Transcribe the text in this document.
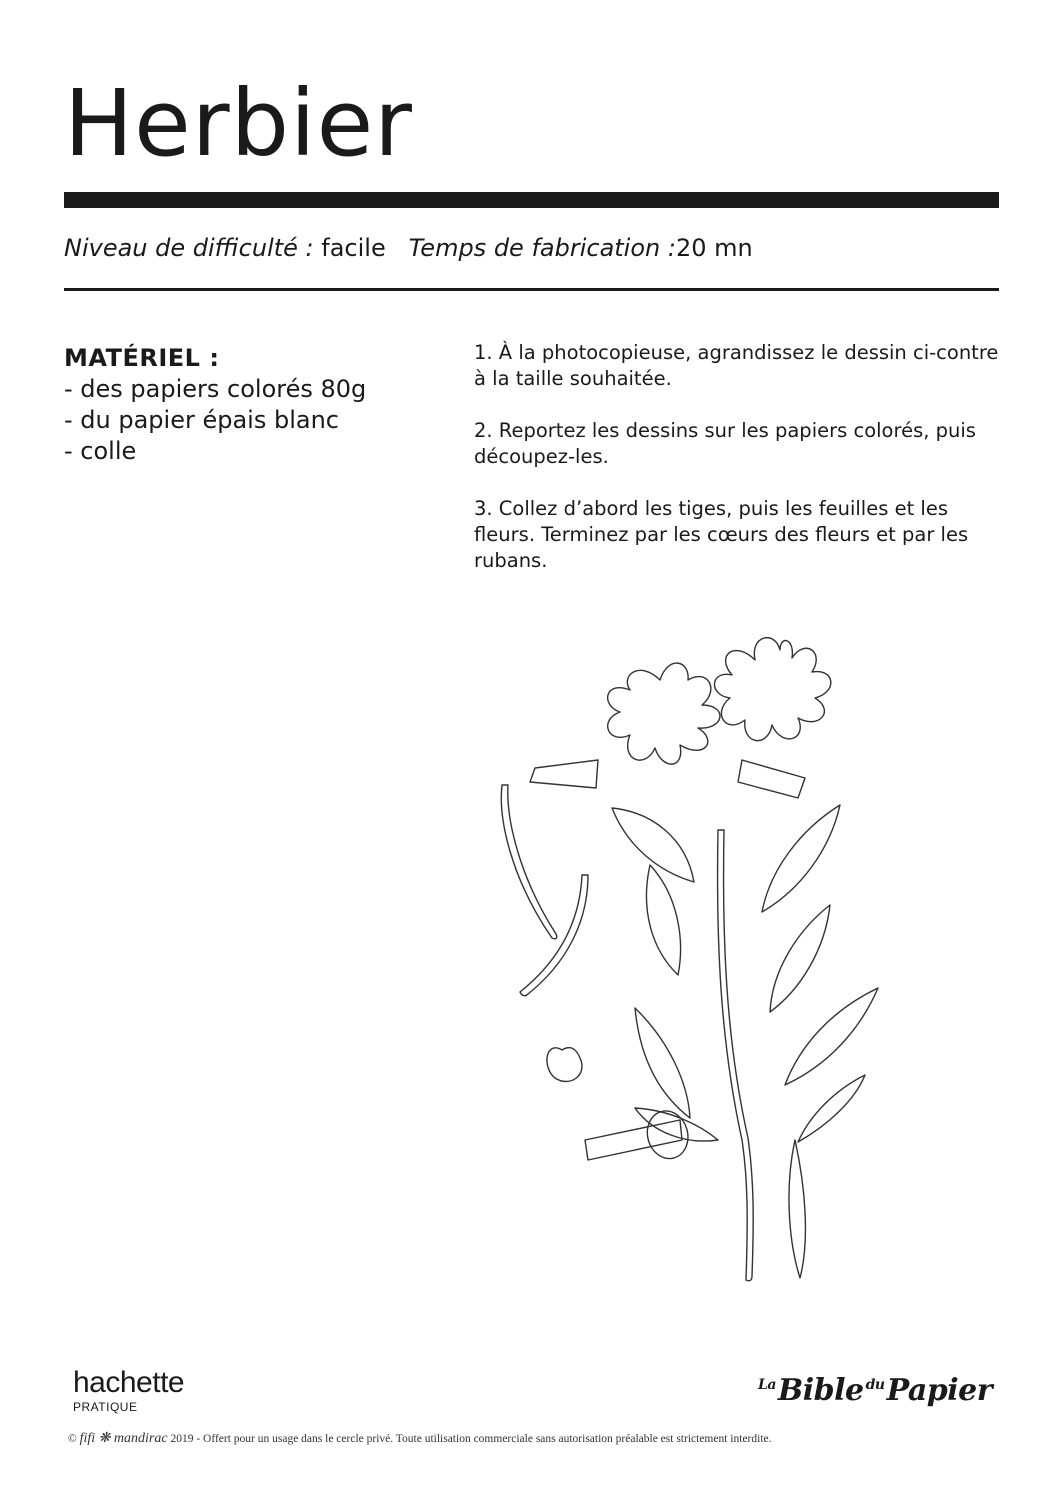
Herbier
Niveau de difficulté : facile Temps de fabrication :20 mn
MATÉRIEL :
- des papiers colorés 80g
- du papier épais blanc
- colle

1. À la photocopieuse, agrandissez le dessin ci-contre à la taille souhaitée.

2. Reportez les dessins sur les papiers colorés, puis découpez-les.

3. Collez d’abord les tiges, puis les feuilles et les fleurs. Terminez par les cœurs des fleurs et par les rubans.

hachette
PRATIQUE
$^{La}$Bible $^{du}$Papier
© fifi ❋ mandirac 2019 - Offert pour un usage dans le cercle privé. Toute utilisation commerciale sans autorisation préalable est strictement interdite.
